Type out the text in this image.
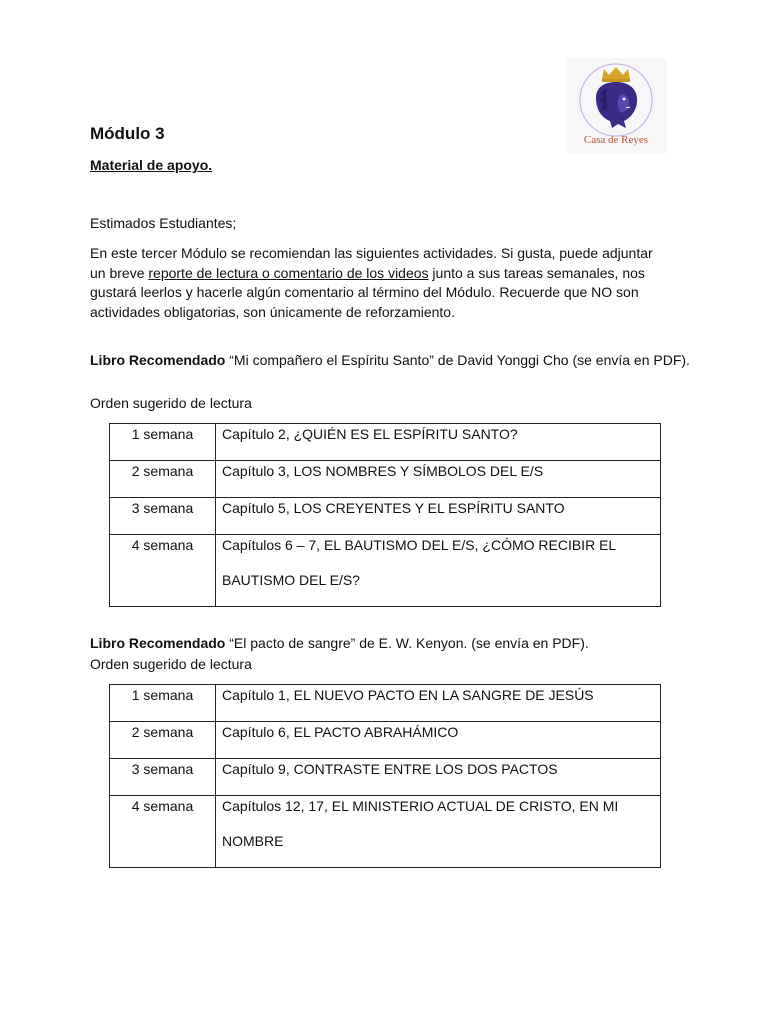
Casa de Reyes
Módulo 3

Material de apoyo.

Estimados Estudiantes;

En este tercer Módulo se recomiendan las siguientes actividades. Si gusta, puede adjuntar un breve reporte de lectura o comentario de los videos junto a sus tareas semanales, nos gustará leerlos y hacerle algún comentario al término del Módulo. Recuerde que NO son actividades obligatorias, son únicamente de reforzamiento.

Libro Recomendado “Mi compañero el Espíritu Santo” de David Yonggi Cho (se envía en PDF).

Orden sugerido de lectura

1 semana	Capítulo 2, ¿QUIÉN ES EL ESPÍRITU SANTO?

2 semana	Capítulo 3, LOS NOMBRES Y SÍMBOLOS DEL E/S

3 semana	Capítulo 5, LOS CREYENTES Y EL ESPÍRITU SANTO

4 semana	Capítulos 6 – 7, EL BAUTISMO DEL E/S, ¿CÓMO RECIBIR EL
BAUTISMO DEL E/S?

Libro Recomendado “El pacto de sangre” de E. W. Kenyon. (se envía en PDF).

Orden sugerido de lectura

1 semana	Capítulo 1, EL NUEVO PACTO EN LA SANGRE DE JESÚS

2 semana	Capítulo 6, EL PACTO ABRAHÁMICO

3 semana	Capítulo 9, CONTRASTE ENTRE LOS DOS PACTOS

4 semana	Capítulos 12, 17, EL MINISTERIO ACTUAL DE CRISTO, EN MI
NOMBRE
